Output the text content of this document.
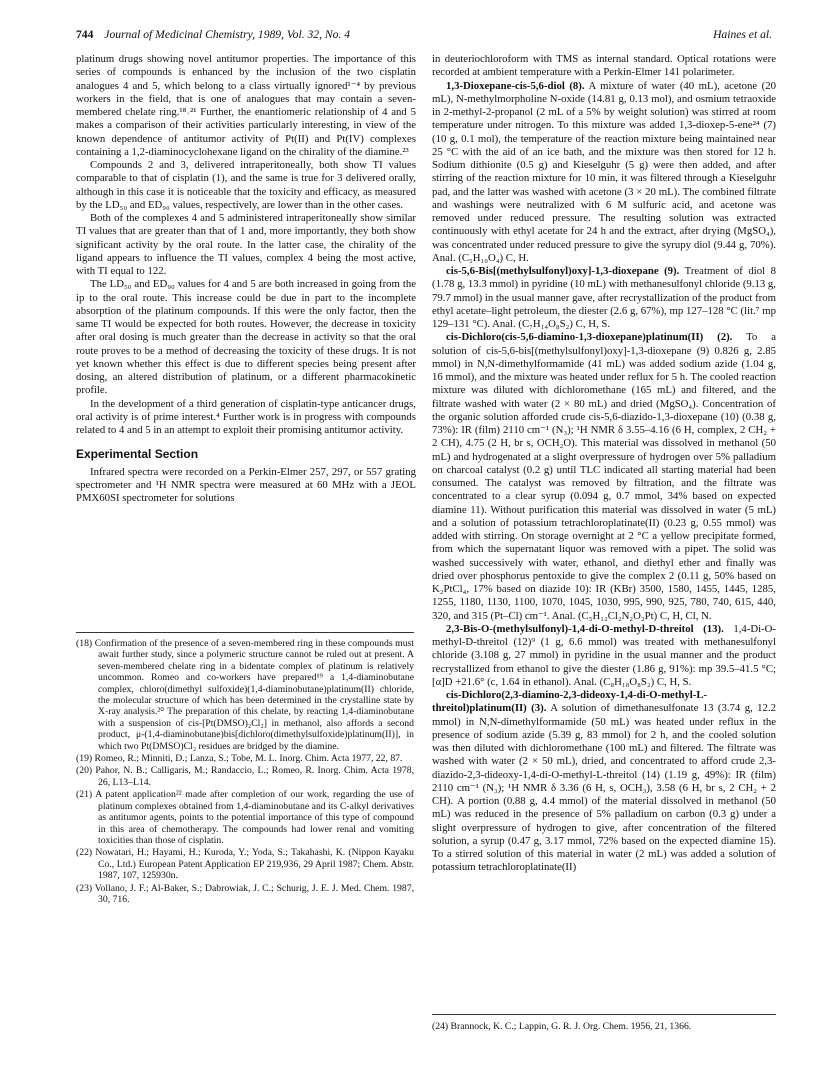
744 Journal of Medicinal Chemistry, 1989, Vol. 32, No. 4	Haines et al.

platinum drugs showing novel antitumor properties. The importance of this series of compounds is enhanced by the inclusion of the two cisplatin analogues 4 and 5, which belong to a class virtually ignored¹⁻⁴ by previous workers in the field, that is one of analogues that may contain a seven-membered chelate ring.¹⁸˒²¹ Further, the enantiomeric relationship of 4 and 5 makes a comparison of their activities particularly interesting, in view of the known dependence of antitumor activity of Pt(II) and Pt(IV) complexes containing a 1,2-diaminocyclohexane ligand on the chirality of the diamine.²³

Compounds 2 and 3, delivered intraperitoneally, both show TI values comparable to that of cisplatin (1), and the same is true for 3 delivered orally, although in this case it is noticeable that the toxicity and efficacy, as measured by the LD₅₀ and ED₉₀ values, respectively, are lower than in the other cases.

Both of the complexes 4 and 5 administered intraperitoneally show similar TI values that are greater than that of 1 and, more importantly, they both show significant activity by the oral route. In the latter case, the chirality of the ligand appears to influence the TI values, complex 4 being the most active, with TI equal to 122.

The LD₅₀ and ED₉₀ values for 4 and 5 are both increased in going from the ip to the oral route. This increase could be due in part to the incomplete absorption of the platinum compounds. If this were the only factor, then the same TI would be expected for both routes. However, the decrease in toxicity after oral dosing is much greater than the decrease in activity so that the oral route proves to be a method of decreasing the toxicity of these drugs. It is not yet known whether this effect is due to different species being present after dosing, an altered distribution of platinum, or a different pharmacokinetic profile.

In the development of a third generation of cisplatin-type anticancer drugs, oral activity is of prime interest.⁴ Further work is in progress with compounds related to 4 and 5 in an attempt to exploit their promising antitumor activity.

Experimental Section

Infrared spectra were recorded on a Perkin-Elmer 257, 297, or 557 grating spectrometer and ¹H NMR spectra were measured at 60 MHz with a JEOL PMX60SI spectrometer for solutions

(18) Confirmation of the presence of a seven-membered ring in these compounds must await further study, since a polymeric structure cannot be ruled out at present. A seven-membered chelate ring in a bidentate complex of platinum is relatively uncommon. Romeo and co-workers have prepared¹⁹ a 1,4-diaminobutane complex, chloro(dimethyl sulfoxide)(1,4-diaminobutane)platinum(II) chloride, the molecular structure of which has been determined in the crystalline state by X-ray analysis.²⁰ The preparation of this chelate, by reacting 1,4-diaminobutane with a suspension of cis-[Pt(DMSO)₂Cl₂] in methanol, also affords a second product, μ-(1,4-diaminobutane)bis[dichloro(dimethylsulfoxide)platinum(II)], in which two Pt(DMSO)Cl₂ residues are bridged by the diamine.
(19) Romeo, R.; Minniti, D.; Lanza, S.; Tobe, M. L. Inorg. Chim. Acta 1977, 22, 87.
(20) Pahor, N. B.; Calligaris, M.; Randaccio, L.; Romeo, R. Inorg. Chim. Acta 1978, 26, L13–L14.
(21) A patent application²² made after completion of our work, regarding the use of platinum complexes obtained from 1,4-diaminobutane and its C-alkyl derivatives as antitumor agents, points to the potential importance of this type of compound in this area of chemotherapy. The compounds had lower renal and vomiting toxicities than those of cisplatin.
(22) Nowatari, H.; Hayami, H.; Kuroda, Y.; Yoda, S.; Takahashi, K. (Nippon Kayaku Co., Ltd.) European Patent Application EP 219,936, 29 April 1987; Chem. Abstr. 1987, 107, 125930n.
(23) Vollano, J. F.; Al-Baker, S.; Dabrowiak, J. C.; Schurig, J. E. J. Med. Chem. 1987, 30, 716.

in deuteriochloroform with TMS as internal standard. Optical rotations were recorded at ambient temperature with a Perkin-Elmer 141 polarimeter.

1,3-Dioxepane-cis-5,6-diol (8). A mixture of water (40 mL), acetone (20 mL), N-methylmorpholine N-oxide (14.81 g, 0.13 mol), and osmium tetraoxide in 2-methyl-2-propanol (2 mL of a 5% by weight solution) was stirred at room temperature under nitrogen. To this mixture was added 1,3-dioxep-5-ene²⁴ (7) (10 g, 0.1 mol), the temperature of the reaction mixture being maintained near 25 °C with the aid of an ice bath, and the mixture was then stored for 12 h. Sodium dithionite (0.5 g) and Kieselguhr (5 g) were then added, and after stirring of the reaction mixture for 10 min, it was filtered through a Kieselguhr pad, and the latter was washed with acetone (3 × 20 mL). The combined filtrate and washings were neutralized with 6 M sulfuric acid, and acetone was removed under reduced pressure. The resulting solution was extracted continuously with ethyl acetate for 24 h and the extract, after drying (MgSO₄), was concentrated under reduced pressure to give the syrupy diol (9.44 g, 70%). Anal. (C₅H₁₀O₄) C, H.

cis-5,6-Bis[(methylsulfonyl)oxy]-1,3-dioxepane (9). Treatment of diol 8 (1.78 g, 13.3 mmol) in pyridine (10 mL) with methanesulfonyl chloride (9.13 g, 79.7 mmol) in the usual manner gave, after recrystallization of the product from ethyl acetate–light petroleum, the diester (2.6 g, 67%), mp 127–128 °C (lit.⁷ mp 129–131 °C). Anal. (C₇H₁₄O₈S₂) C, H, S.

cis-Dichloro(cis-5,6-diamino-1,3-dioxepane)platinum(II) (2). To a solution of cis-5,6-bis[(methylsulfonyl)oxy]-1,3-dioxepane (9) 0.826 g, 2.85 mmol) in N,N-dimethylformamide (41 mL) was added sodium azide (1.04 g, 16 mmol), and the mixture was heated under reflux for 5 h. The cooled reaction mixture was diluted with dichloromethane (165 mL) and filtered, and the filtrate washed with water (2 × 80 mL) and dried (MgSO₄). Concentration of the organic solution afforded crude cis-5,6-diazido-1,3-dioxepane (10) (0.38 g, 73%): IR (film) 2110 cm⁻¹ (N₃); ¹H NMR δ 3.55–4.16 (6 H, complex, 2 CH₂ + 2 CH), 4.75 (2 H, br s, OCH₂O). This material was dissolved in methanol (50 mL) and hydrogenated at a slight overpressure of hydrogen over 5% palladium on charcoal catalyst (0.2 g) until TLC indicated all starting material had been consumed. The catalyst was removed by filtration, and the filtrate was concentrated to a clear syrup (0.094 g, 0.7 mmol, 34% based on expected diamine 11). Without purification this material was dissolved in water (5 mL) and a solution of potassium tetrachloroplatinate(II) (0.23 g, 0.55 mmol) was added with stirring. On storage overnight at 2 °C a yellow precipitate formed, from which the supernatant liquor was removed with a pipet. The solid was washed successively with water, ethanol, and diethyl ether and finally was dried over phosphorus pentoxide to give the complex 2 (0.11 g, 50% based on K₂PtCl₄, 17% based on diazide 10): IR (KBr) 3500, 1580, 1455, 1445, 1285, 1255, 1180, 1130, 1100, 1070, 1045, 1030, 995, 990, 925, 780, 740, 615, 440, 320, and 315 (Pt–Cl) cm⁻¹. Anal. (C₅H₁₂Cl₂N₂O₂Pt) C, H, Cl, N.

2,3-Bis-O-(methylsulfonyl)-1,4-di-O-methyl-D-threitol (13). 1,4-Di-O-methyl-D-threitol (12)⁹ (1 g, 6.6 mmol) was treated with methanesulfonyl chloride (3.108 g, 27 mmol) in pyridine in the usual manner and the product recrystallized from ethanol to give the diester (1.86 g, 91%): mp 39.5–41.5 °C; [α]D +21.6° (c, 1.64 in ethanol). Anal. (C₈H₁₈O₈S₂) C, H, S.

cis-Dichloro(2,3-diamino-2,3-dideoxy-1,4-di-O-methyl-L-threitol)platinum(II) (3). A solution of dimethanesulfonate 13 (3.74 g, 12.2 mmol) in N,N-dimethylformamide (50 mL) was heated under reflux in the presence of sodium azide (5.39 g, 83 mmol) for 2 h, and the cooled solution was then diluted with dichloromethane (100 mL) and filtered. The filtrate was washed with water (2 × 50 mL), dried, and concentrated to afford crude 2,3-diazido-2,3-dideoxy-1,4-di-O-methyl-L-threitol (14) (1.19 g, 49%): IR (film) 2110 cm⁻¹ (N₃); ¹H NMR δ 3.36 (6 H, s, OCH₃), 3.58 (6 H, br s, 2 CH₂ + 2 CH). A portion (0.88 g, 4.4 mmol) of the material dissolved in methanol (50 mL) was reduced in the presence of 5% palladium on carbon (0.3 g) under a slight overpressure of hydrogen to give, after concentration of the filtered solution, a syrup (0.47 g, 3.17 mmol, 72% based on the expected diamine 15). To a stirred solution of this material in water (2 mL) was added a solution of potassium tetrachloroplatinate(II)

(24) Brannock, K. C.; Lappin, G. R. J. Org. Chem. 1956, 21, 1366.
